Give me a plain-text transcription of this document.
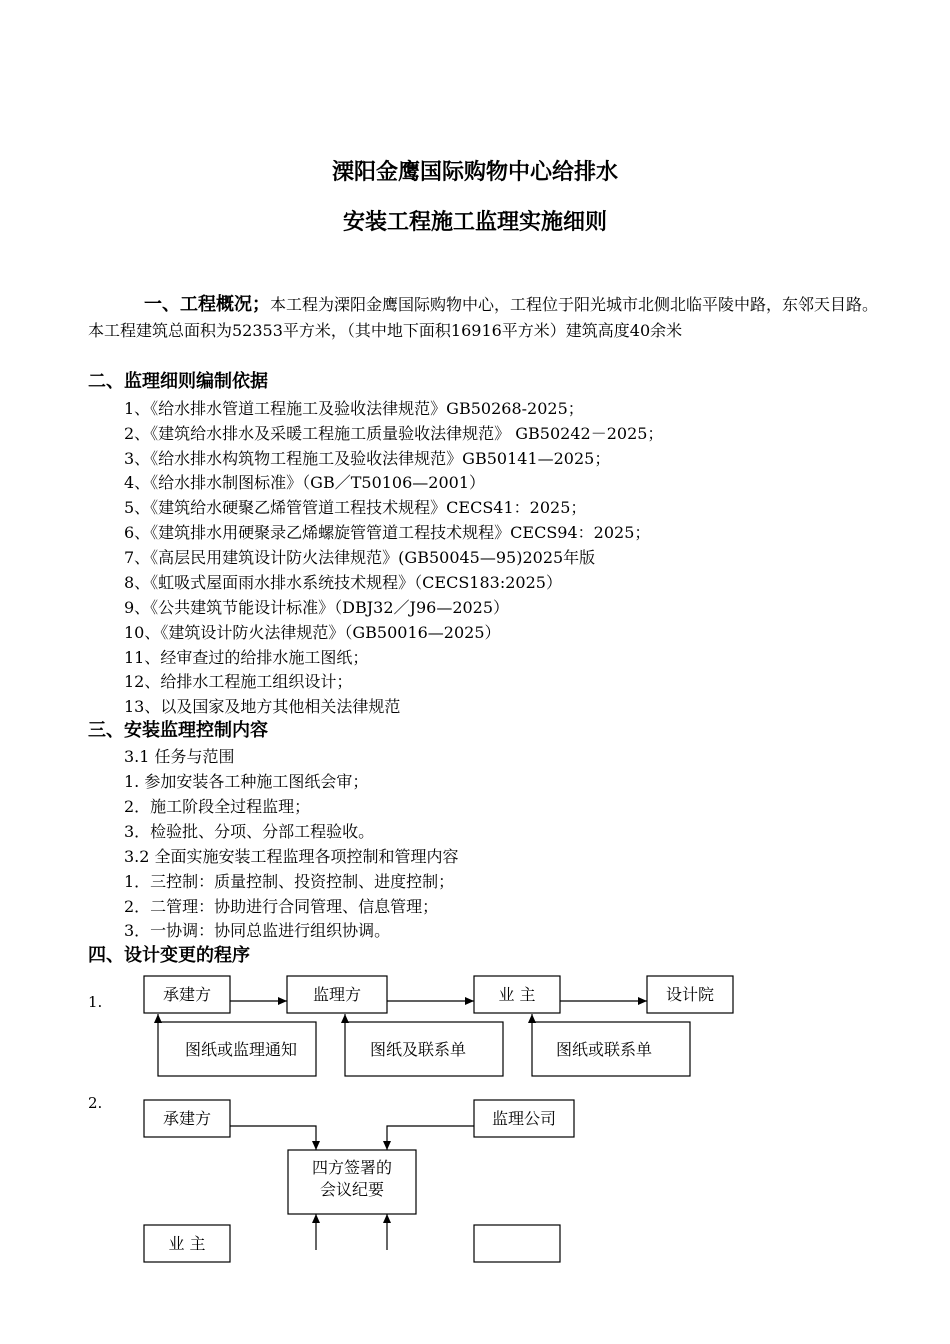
溧阳金鹰国际购物中心给排水
安装工程施工监理实施细则
一、工程概况；本工程为溧阳金鹰国际购物中心，工程位于阳光城市北侧北临平陵中路，东邻天目路。本工程建筑总面积为52353平方米，（其中地下面积16916平方米）建筑高度40余米
二、监理细则编制依据
1、《给水排水管道工程施工及验收法律规范》GB50268-2025；
2、《建筑给水排水及采暖工程施工质量验收法律规范》 GB50242－2025；
3、《给水排水构筑物工程施工及验收法律规范》GB50141—2025；
4、《给水排水制图标准》（GB／T50106—2001）
5、《建筑给水硬聚乙烯管管道工程技术规程》CECS41：2025；
6、《建筑排水用硬聚录乙烯螺旋管管道工程技术规程》CECS94：2025；
7、《高层民用建筑设计防火法律规范》(GB50045—95)2025年版
8、《虹吸式屋面雨水排水系统技术规程》（CECS183:2025）
9、《公共建筑节能设计标准》（DBJ32／J96—2025）
10、《建筑设计防火法律规范》（GB50016—2025）
11、经审查过的给排水施工图纸；
12、给排水工程施工组织设计；
13、以及国家及地方其他相关法律规范
三、安装监理控制内容
3.1 任务与范围
1. 参加安装各工种施工图纸会审；
2．施工阶段全过程监理；
3．检验批、分项、分部工程验收。
3.2 全面实施安装工程监理各项控制和管理内容
1．三控制：质量控制、投资控制、进度控制；
2．二管理：协助进行合同管理、信息管理；
3．一协调：协同总监进行组织协调。
四、设计变更的程序
1.
2.
承建方	监理方	业 主	设计院
图纸或监理通知	图纸及联系单	图纸或联系单
承建方	监理公司
四方签署的
会议纪要
业 主
